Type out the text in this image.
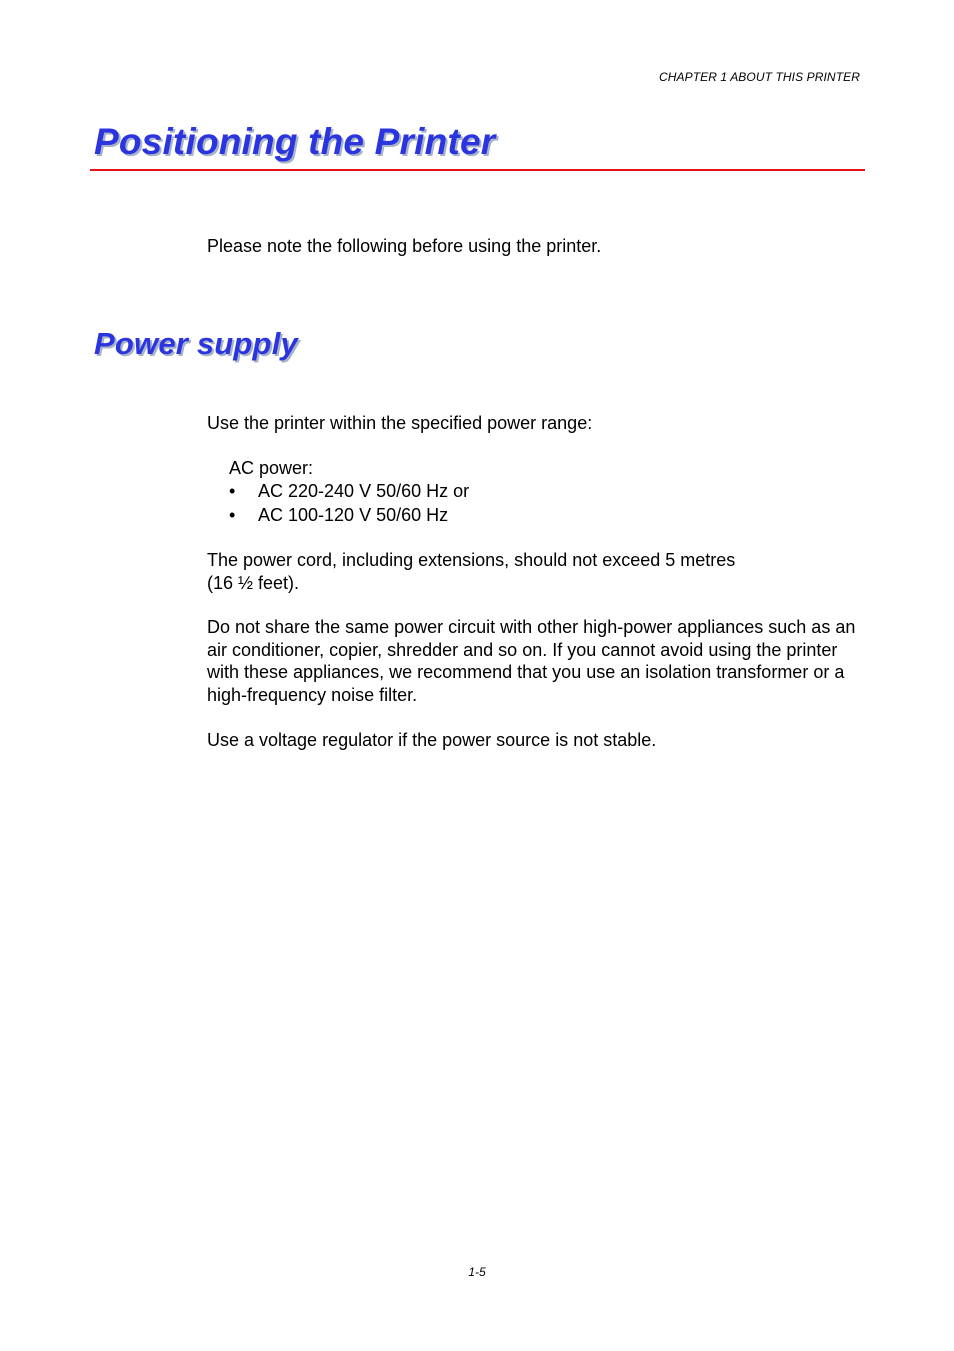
CHAPTER 1 ABOUT THIS PRINTER
Positioning the Printer

Please note the following before using the printer.

Power supply

Use the printer within the specified power range:

AC power:

• AC 220-240 V 50/60 Hz or
• AC 100-120 V 50/60 Hz

The power cord, including extensions, should not exceed 5 metres
(16 ½ feet).

Do not share the same power circuit with other high-power appliances such as an air conditioner, copier, shredder and so on. If you cannot avoid using the printer with these appliances, we recommend that you use an isolation transformer or a high-frequency noise filter.

Use a voltage regulator if the power source is not stable.

1-5
